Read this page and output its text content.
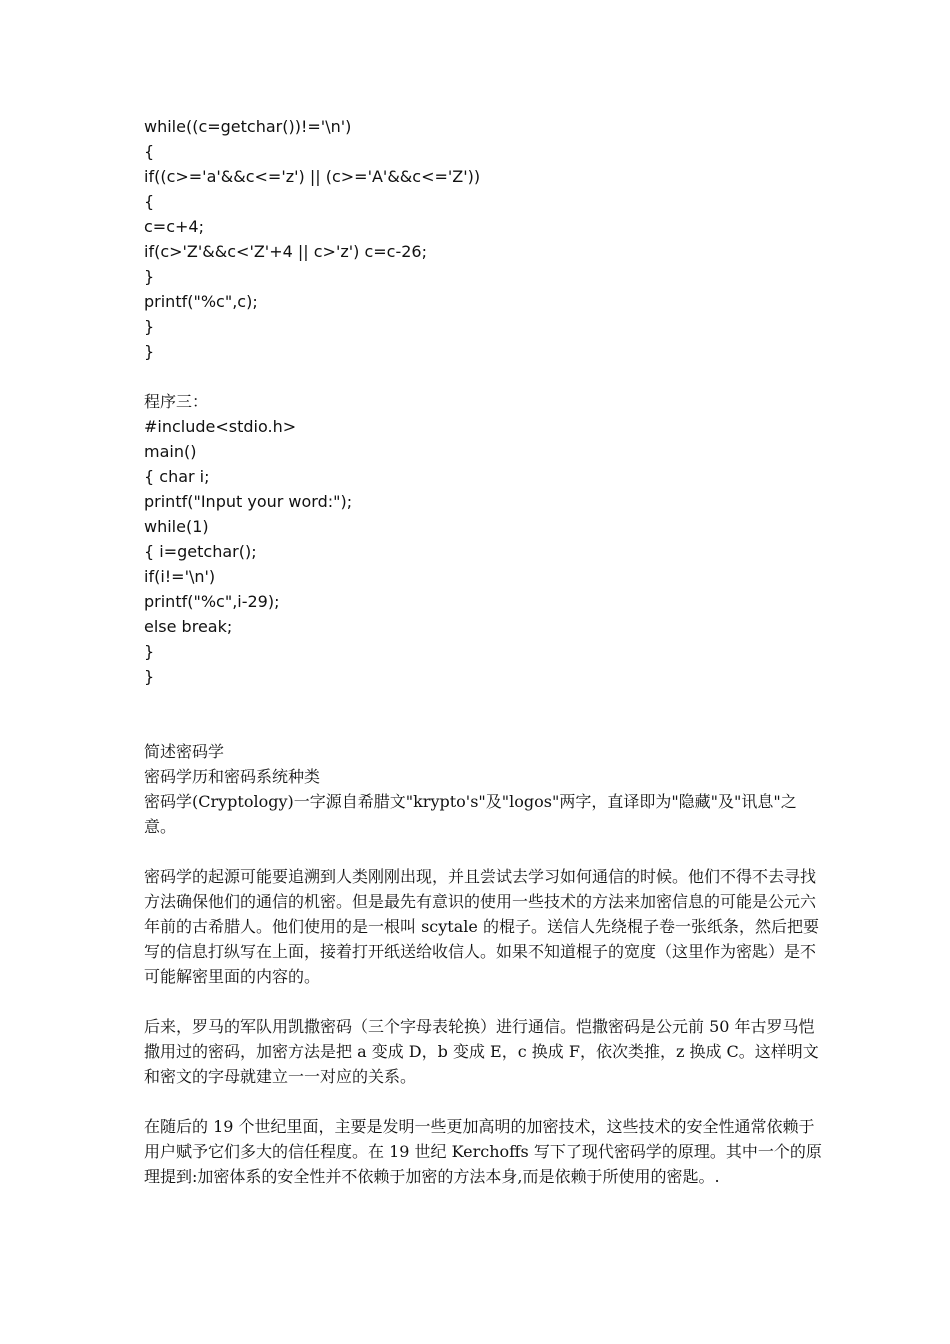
while((c=getchar())!='\n')
{
if((c>='a'&&c<='z') || (c>='A'&&c<='Z'))
{
c=c+4;
if(c>'Z'&&c<'Z'+4 || c>'z') c=c-26;
}
printf("%c",c);
}
}
程序三：
#include<stdio.h>
main()
{ char i;
printf("Input your word:");
while(1)
{ i=getchar();
if(i!='\n')
printf("%c",i-29);
else break;
}
}
简述密码学
密码学历和密码系统种类
密码学(Cryptology)一字源自希腊文"krypto's"及"logos"两字，直译即为"隐藏"及"讯息"之意。
密码学的起源可能要追溯到人类刚刚出现，并且尝试去学习如何通信的时候。他们不得不去寻找方法确保他们的通信的机密。但是最先有意识的使用一些技术的方法来加密信息的可能是公元六年前的古希腊人。他们使用的是一根叫 scytale 的棍子。送信人先绕棍子卷一张纸条，然后把要写的信息打纵写在上面，接着打开纸送给收信人。如果不知道棍子的宽度（这里作为密匙）是不可能解密里面的内容的。
后来，罗马的军队用凯撒密码（三个字母表轮换）进行通信。恺撒密码是公元前 50 年古罗马恺撒用过的密码，加密方法是把 a 变成 D，b 变成 E，c 换成 F，依次类推，z 换成 C。这样明文和密文的字母就建立一一对应的关系。
在随后的 19 个世纪里面，主要是发明一些更加高明的加密技术，这些技术的安全性通常依赖于用户赋予它们多大的信任程度。在 19 世纪 Kerchoffs 写下了现代密码学的原理。其中一个的原理提到:加密体系的安全性并不依赖于加密的方法本身,而是依赖于所使用的密匙。.
